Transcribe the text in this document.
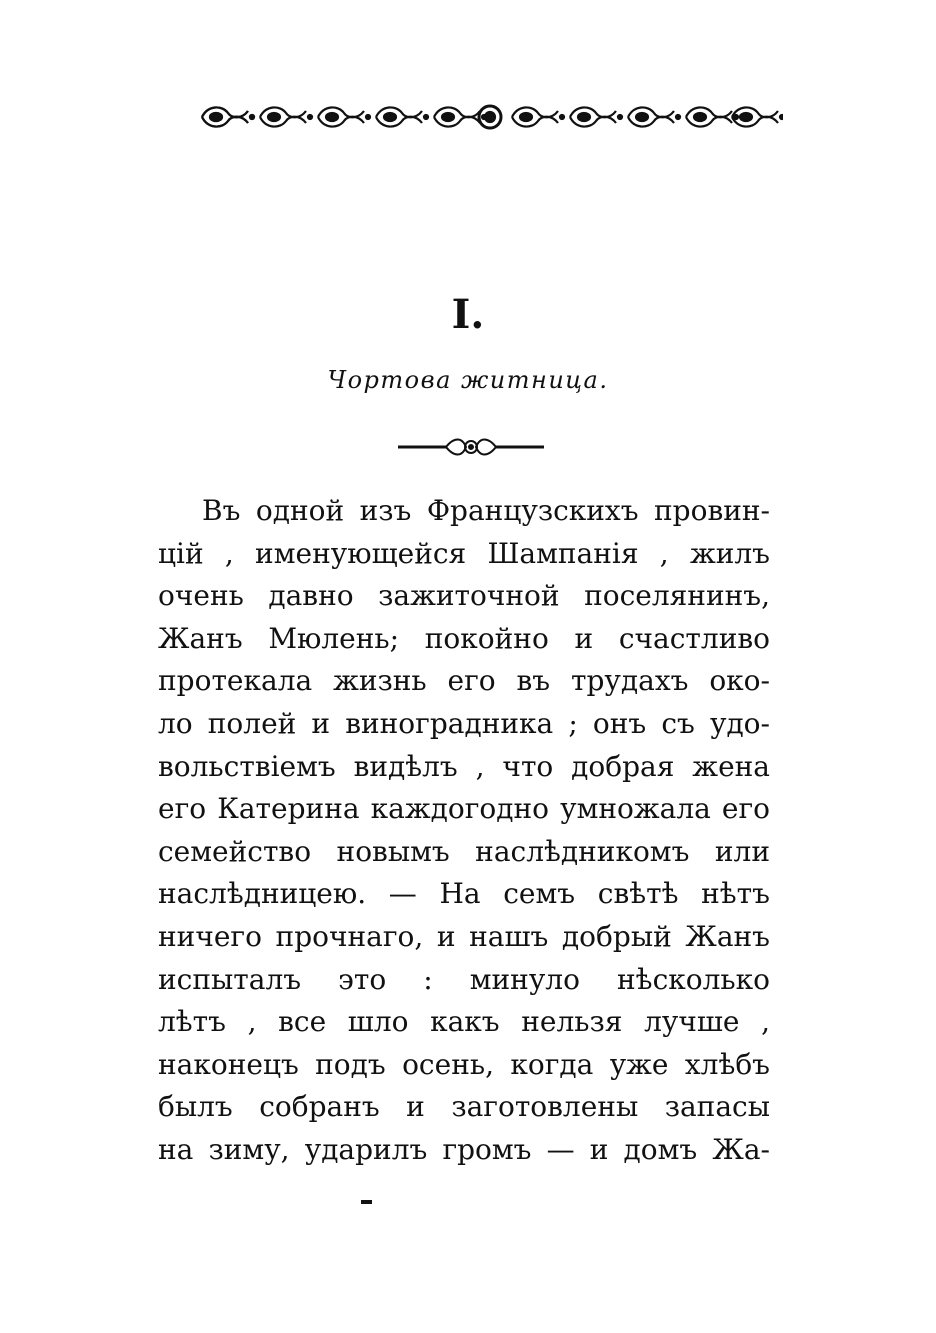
I.
Чортова житница.
Въ одной изъ Французскихъ провин-
цій , именующейся Шампанія , жилъ
очень давно зажиточной поселянинъ,
Жанъ Мюлень; покойно и счастливо
протекала жизнь его въ трудахъ око-
ло полей и виноградника ; онъ съ удо-
вольствіемъ видѣлъ , что добрая жена
его Катерина каждогодно умножала его
семейство новымъ наслѣдникомъ или
наслѣдницею. — На семъ свѣтѣ нѣтъ
ничего прочнаго, и нашъ добрый Жанъ
испыталъ это : минуло нѣсколько
лѣтъ , все шло какъ нельзя лучше ,
наконецъ подъ осень, когда уже хлѣбъ
былъ собранъ и заготовлены запасы
на зиму, ударилъ громъ — и домъ Жа-
